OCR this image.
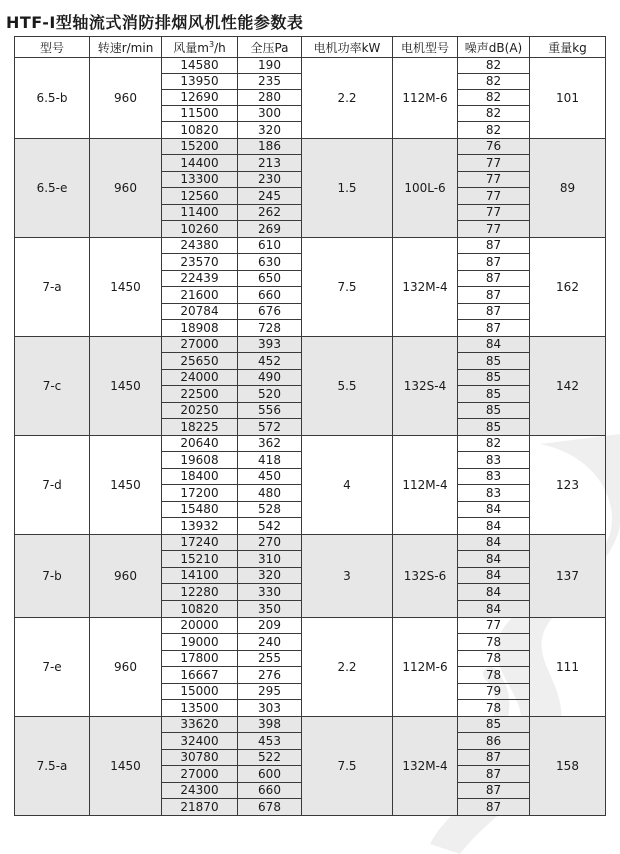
HTF-Ⅰ型轴流式消防排烟风机性能参数表
型号	转速r/min	风量$m^3/h$	全压Pa	电机功率kW	电机型号	噪声dB(A)	重量kg
6.5-b	960	14580	190	2.2	112M-6	82	101
		13950	235			82	
		12690	280			82	
		11500	300			82	
		10820	320			82	
6.5-e	960	15200	186	1.5	100L-6	76	89
		14400	213			77	
		13300	230			77	
		12560	245			77	
		11400	262			77	
		10260	269			77	
7-a	1450	24380	610	7.5	132M-4	87	162
		23570	630			87	
		22439	650			87	
		21600	660			87	
		20784	676			87	
		18908	728			87	
7-c	1450	27000	393	5.5	132S-4	84	142
		25650	452			85	
		24000	490			85	
		22500	520			85	
		20250	556			85	
		18225	572			85	
7-d	1450	20640	362	4	112M-4	82	123
		19608	418			83	
		18400	450			83	
		17200	480			83	
		15480	528			84	
		13932	542			84	
7-b	960	17240	270	3	132S-6	84	137
		15210	310			84	
		14100	320			84	
		12280	330			84	
		10820	350			84	
7-e	960	20000	209	2.2	112M-6	77	111
		19000	240			78	
		17800	255			78	
		16667	276			78	
		15000	295			79	
		13500	303			78	
7.5-a	1450	33620	398	7.5	132M-4	85	158
		32400	453			86	
		30780	522			87	
		27000	600			87	
		24300	660			87	
		21870	678			87	
